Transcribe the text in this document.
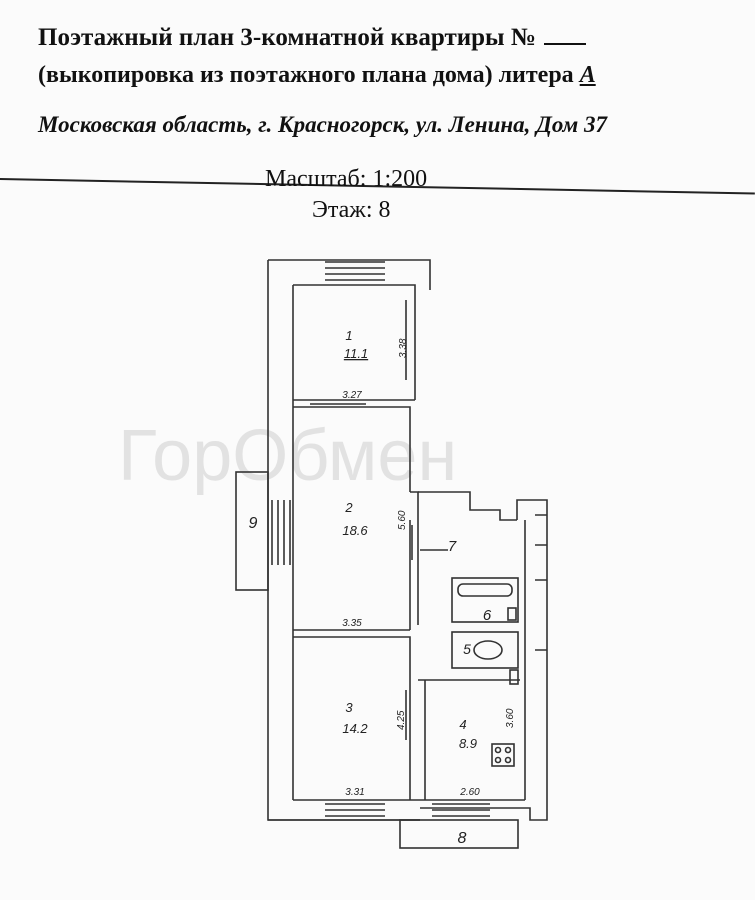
Поэтажный план 3-комнатной квартиры №
(выкопировка из поэтажного плана дома) литера А
Московская область, г. Красногорск, ул. Ленина, Дом 37
Масштаб: 1:200
Этаж: 8
ГорОбмен
1
11.1
3.27
3.38
2
18.6
3.35
5.60
3
14.2
3.31
4.25	4
8.9
2.60
3.60
5
6
7
8
9
